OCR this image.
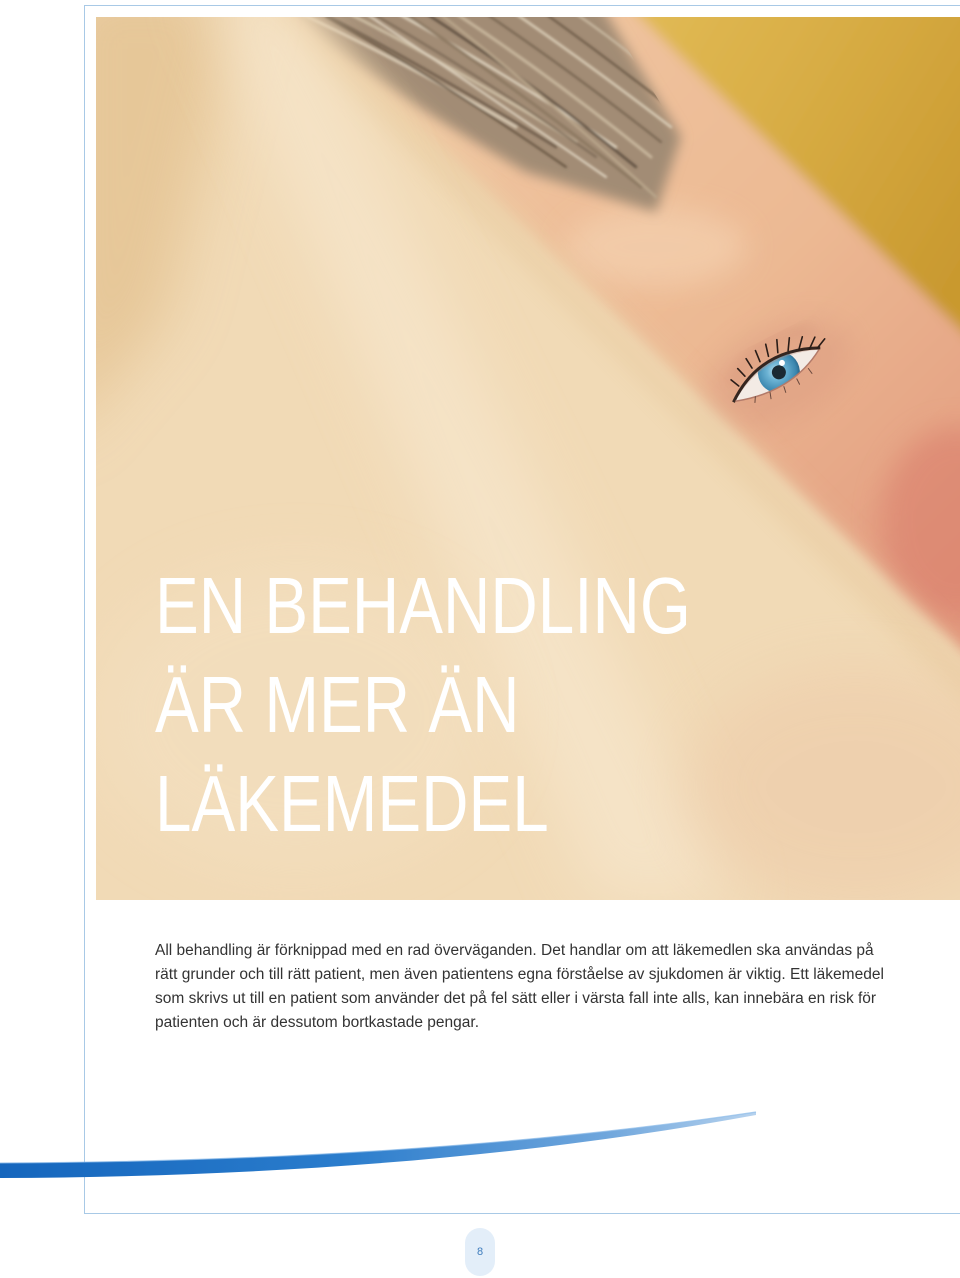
EN BEHANDLING
ÄR MER ÄN
LÄKEMEDEL
All behandling är förknippad med en rad överväganden. Det handlar om att läkemedlen ska användas på
rätt grunder och till rätt patient, men även patientens egna förståelse av sjukdomen är viktig. Ett läkemedel
som skrivs ut till en patient som använder det på fel sätt eller i värsta fall inte alls, kan innebära en risk för
patienten och är dessutom bortkastade pengar.
8
